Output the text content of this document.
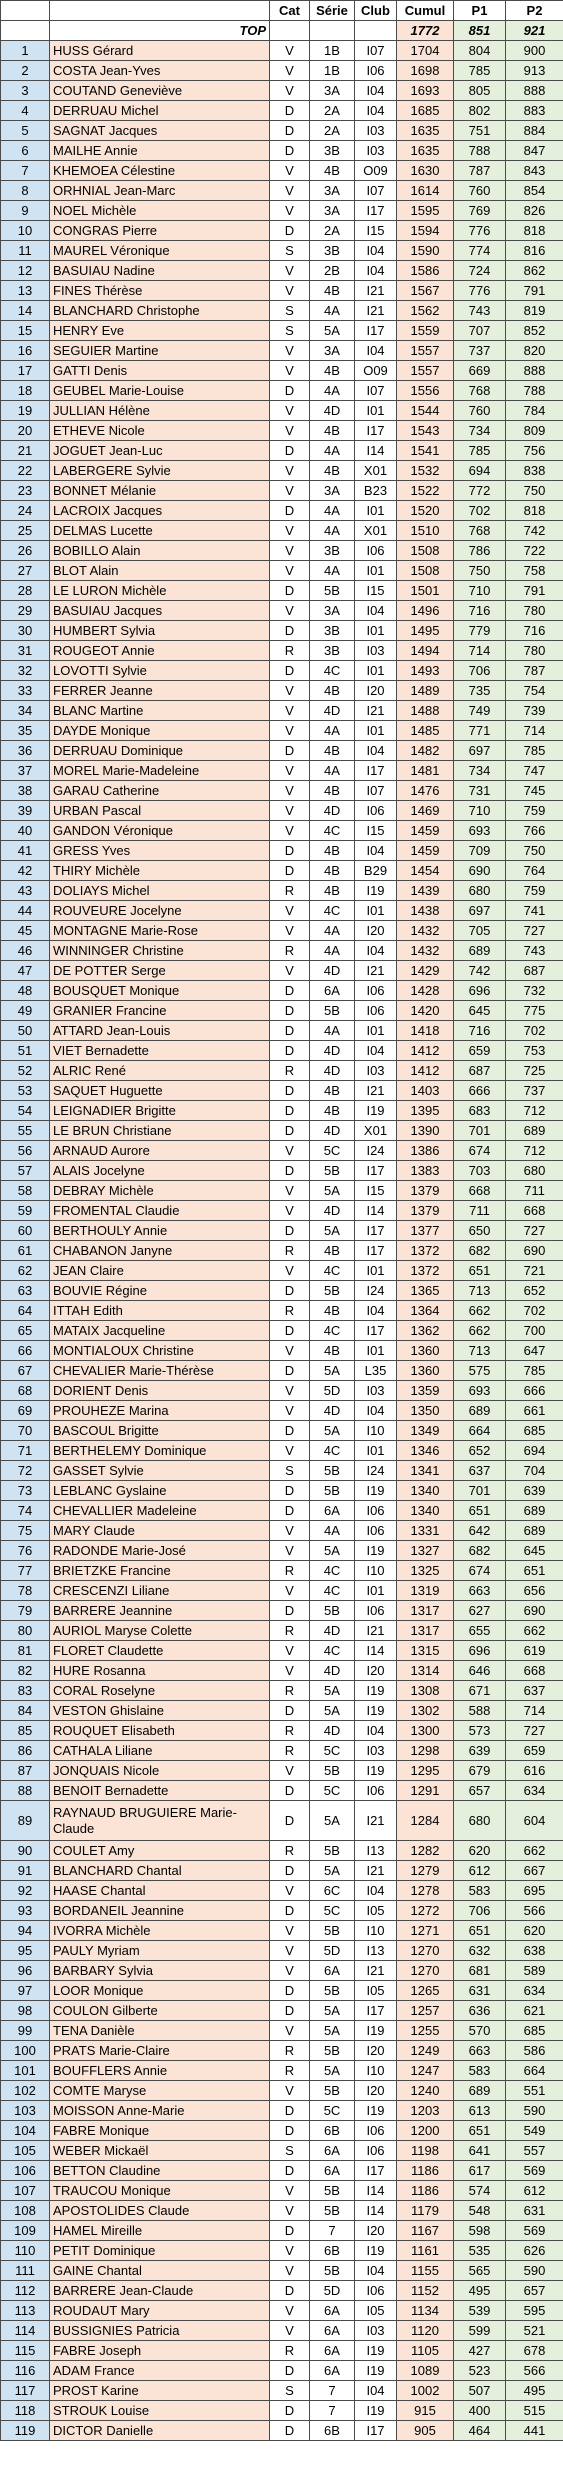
		Cat	Série	Club	Cumul	P1	P2
	TOP				1772	851	921
1	HUSS Gérard	V	1B	I07	1704	804	900
2	COSTA Jean-Yves	V	1B	I06	1698	785	913
3	COUTAND Geneviève	V	3A	I04	1693	805	888
4	DERRUAU Michel	D	2A	I04	1685	802	883
5	SAGNAT Jacques	D	2A	I03	1635	751	884
6	MAILHE Annie	D	3B	I03	1635	788	847
7	KHEMOEA Célestine	V	4B	O09	1630	787	843
8	ORHNIAL Jean-Marc	V	3A	I07	1614	760	854
9	NOEL Michèle	V	3A	I17	1595	769	826
10	CONGRAS Pierre	D	2A	I15	1594	776	818
11	MAUREL Véronique	S	3B	I04	1590	774	816
12	BASUIAU Nadine	V	2B	I04	1586	724	862
13	FINES Thérèse	V	4B	I21	1567	776	791
14	BLANCHARD Christophe	S	4A	I21	1562	743	819
15	HENRY Eve	S	5A	I17	1559	707	852
16	SEGUIER Martine	V	3A	I04	1557	737	820
17	GATTI Denis	V	4B	O09	1557	669	888
18	GEUBEL Marie-Louise	D	4A	I07	1556	768	788
19	JULLIAN Hélène	V	4D	I01	1544	760	784
20	ETHEVE Nicole	V	4B	I17	1543	734	809
21	JOGUET Jean-Luc	D	4A	I14	1541	785	756
22	LABERGERE Sylvie	V	4B	X01	1532	694	838
23	BONNET Mélanie	V	3A	B23	1522	772	750
24	LACROIX Jacques	D	4A	I01	1520	702	818
25	DELMAS Lucette	V	4A	X01	1510	768	742
26	BOBILLO Alain	V	3B	I06	1508	786	722
27	BLOT Alain	V	4A	I01	1508	750	758
28	LE LURON Michèle	D	5B	I15	1501	710	791
29	BASUIAU Jacques	V	3A	I04	1496	716	780
30	HUMBERT Sylvia	D	3B	I01	1495	779	716
31	ROUGEOT Annie	R	3B	I03	1494	714	780
32	LOVOTTI Sylvie	D	4C	I01	1493	706	787
33	FERRER Jeanne	V	4B	I20	1489	735	754
34	BLANC Martine	V	4D	I21	1488	749	739
35	DAYDE Monique	V	4A	I01	1485	771	714
36	DERRUAU Dominique	D	4B	I04	1482	697	785
37	MOREL Marie-Madeleine	V	4A	I17	1481	734	747
38	GARAU Catherine	V	4B	I07	1476	731	745
39	URBAN Pascal	V	4D	I06	1469	710	759
40	GANDON Véronique	V	4C	I15	1459	693	766
41	GRESS Yves	D	4B	I04	1459	709	750
42	THIRY Michèle	D	4B	B29	1454	690	764
43	DOLIAYS Michel	R	4B	I19	1439	680	759
44	ROUVEURE Jocelyne	V	4C	I01	1438	697	741
45	MONTAGNE Marie-Rose	V	4A	I20	1432	705	727
46	WINNINGER Christine	R	4A	I04	1432	689	743
47	DE POTTER Serge	V	4D	I21	1429	742	687
48	BOUSQUET Monique	D	6A	I06	1428	696	732
49	GRANIER Francine	D	5B	I06	1420	645	775
50	ATTARD Jean-Louis	D	4A	I01	1418	716	702
51	VIET Bernadette	D	4D	I04	1412	659	753
52	ALRIC René	R	4D	I03	1412	687	725
53	SAQUET Huguette	D	4B	I21	1403	666	737
54	LEIGNADIER Brigitte	D	4B	I19	1395	683	712
55	LE BRUN Christiane	D	4D	X01	1390	701	689
56	ARNAUD Aurore	V	5C	I24	1386	674	712
57	ALAIS Jocelyne	D	5B	I17	1383	703	680
58	DEBRAY Michèle	V	5A	I15	1379	668	711
59	FROMENTAL Claudie	V	4D	I14	1379	711	668
60	BERTHOULY Annie	D	5A	I17	1377	650	727
61	CHABANON Janyne	R	4B	I17	1372	682	690
62	JEAN Claire	V	4C	I01	1372	651	721
63	BOUVIE Régine	D	5B	I24	1365	713	652
64	ITTAH Edith	R	4B	I04	1364	662	702
65	MATAIX Jacqueline	D	4C	I17	1362	662	700
66	MONTIALOUX Christine	V	4B	I01	1360	713	647
67	CHEVALIER Marie-Thérèse	D	5A	L35	1360	575	785
68	DORIENT Denis	V	5D	I03	1359	693	666
69	PROUHEZE Marina	V	4D	I04	1350	689	661
70	BASCOUL Brigitte	D	5A	I10	1349	664	685
71	BERTHELEMY Dominique	V	4C	I01	1346	652	694
72	GASSET Sylvie	S	5B	I24	1341	637	704
73	LEBLANC Gyslaine	D	5B	I19	1340	701	639
74	CHEVALLIER Madeleine	D	6A	I06	1340	651	689
75	MARY Claude	V	4A	I06	1331	642	689
76	RADONDE Marie-José	V	5A	I19	1327	682	645
77	BRIETZKE Francine	R	4C	I10	1325	674	651
78	CRESCENZI Liliane	V	4C	I01	1319	663	656
79	BARRERE Jeannine	D	5B	I06	1317	627	690
80	AURIOL Maryse Colette	R	4D	I21	1317	655	662
81	FLORET Claudette	V	4C	I14	1315	696	619
82	HURE Rosanna	V	4D	I20	1314	646	668
83	CORAL Roselyne	R	5A	I19	1308	671	637
84	VESTON Ghislaine	D	5A	I19	1302	588	714
85	ROUQUET Elisabeth	R	4D	I04	1300	573	727
86	CATHALA Liliane	R	5C	I03	1298	639	659
87	JONQUAIS Nicole	V	5B	I19	1295	679	616
88	BENOIT Bernadette	D	5C	I06	1291	657	634
89	RAYNAUD BRUGUIERE Marie-Claude	D	5A	I21	1284	680	604
90	COULET Amy	R	5B	I13	1282	620	662
91	BLANCHARD Chantal	D	5A	I21	1279	612	667
92	HAASE Chantal	V	6C	I04	1278	583	695
93	BORDANEIL Jeannine	D	5C	I05	1272	706	566
94	IVORRA Michèle	V	5B	I10	1271	651	620
95	PAULY Myriam	V	5D	I13	1270	632	638
96	BARBARY Sylvia	V	6A	I21	1270	681	589
97	LOOR Monique	D	5B	I05	1265	631	634
98	COULON Gilberte	D	5A	I17	1257	636	621
99	TENA Danièle	V	5A	I19	1255	570	685
100	PRATS Marie-Claire	R	5B	I20	1249	663	586
101	BOUFFLERS Annie	R	5A	I10	1247	583	664
102	COMTE Maryse	V	5B	I20	1240	689	551
103	MOISSON Anne-Marie	D	5C	I19	1203	613	590
104	FABRE Monique	D	6B	I06	1200	651	549
105	WEBER Mickaël	S	6A	I06	1198	641	557
106	BETTON Claudine	D	6A	I17	1186	617	569
107	TRAUCOU Monique	V	5B	I14	1186	574	612
108	APOSTOLIDES Claude	V	5B	I14	1179	548	631
109	HAMEL Mireille	D	7	I20	1167	598	569
110	PETIT Dominique	V	6B	I19	1161	535	626
111	GAINE Chantal	V	5B	I04	1155	565	590
112	BARRERE Jean-Claude	D	5D	I06	1152	495	657
113	ROUDAUT Mary	V	6A	I05	1134	539	595
114	BUSSIGNIES Patricia	V	6A	I03	1120	599	521
115	FABRE Joseph	R	6A	I19	1105	427	678
116	ADAM France	D	6A	I19	1089	523	566
117	PROST Karine	S	7	I04	1002	507	495
118	STROUK Louise	D	7	I19	915	400	515
119	DICTOR Danielle	D	6B	I17	905	464	441
